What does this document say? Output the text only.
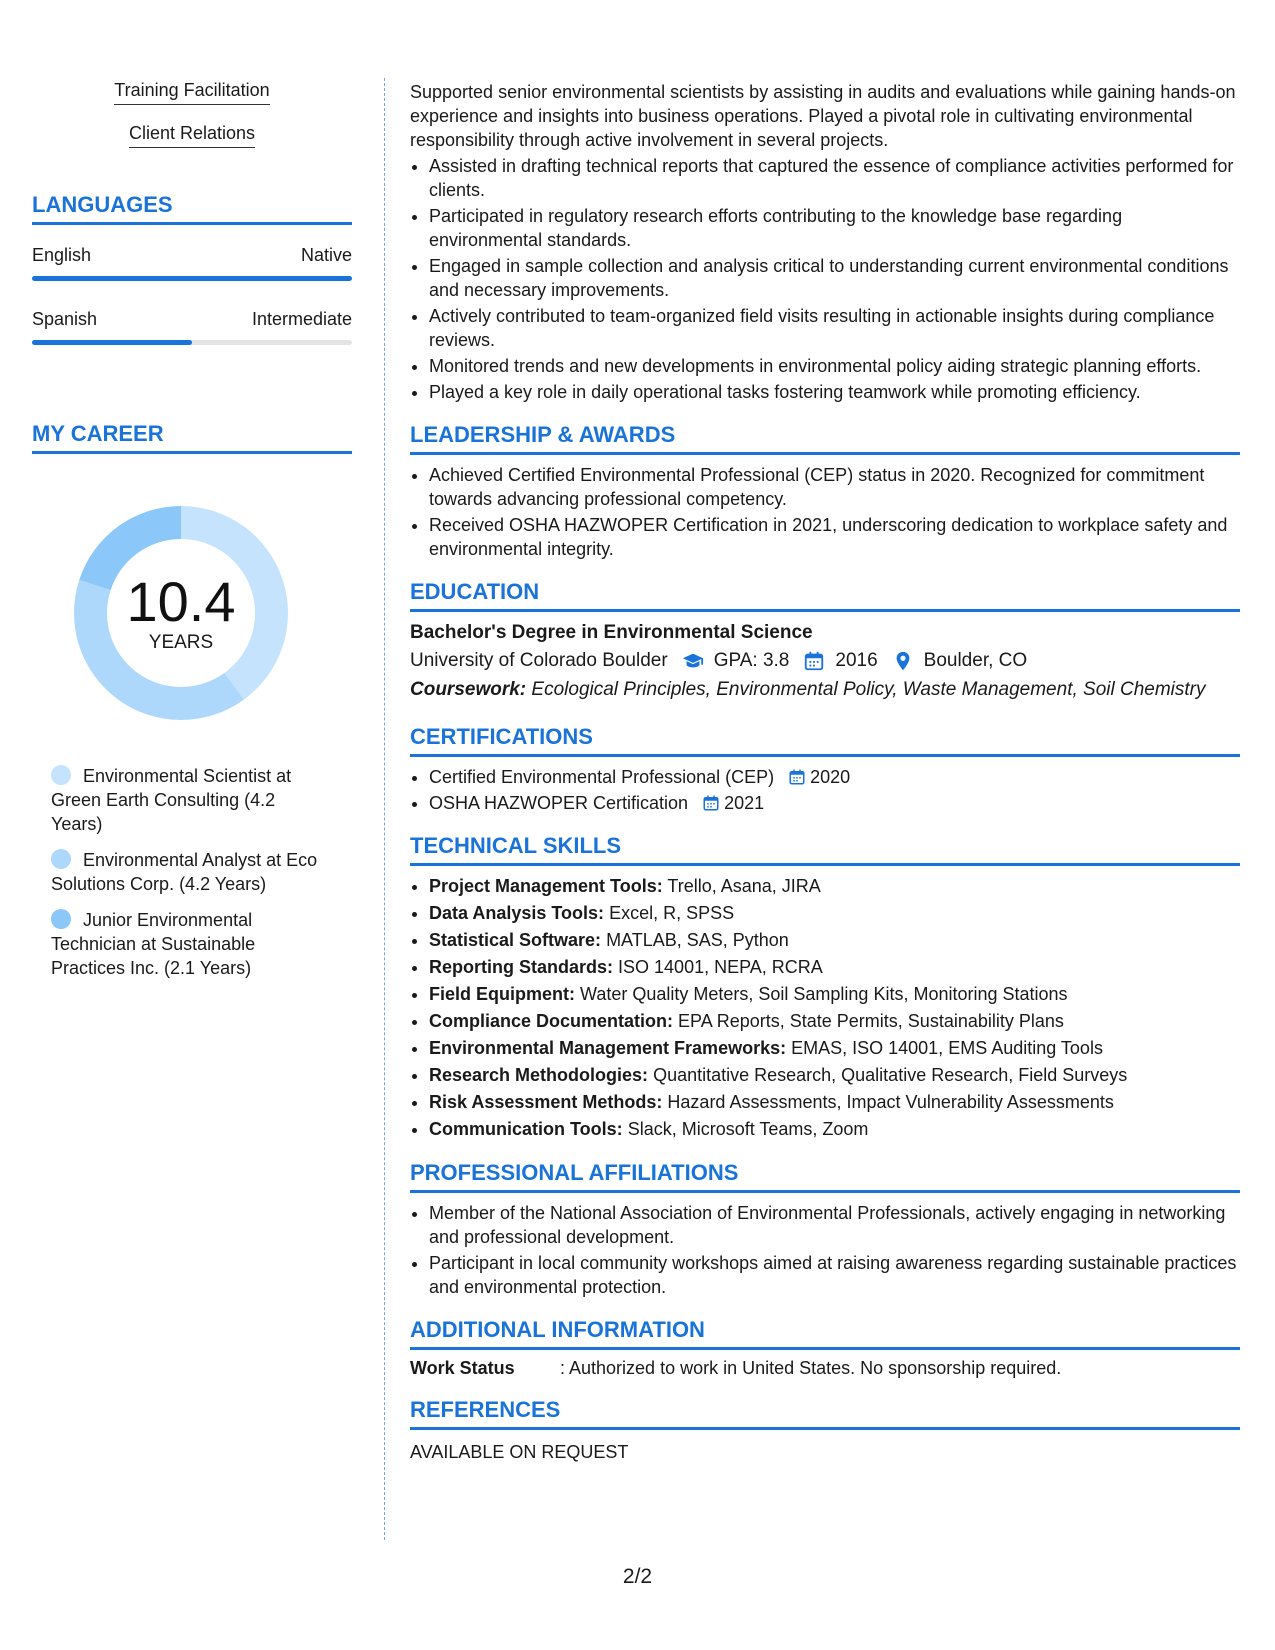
Training Facilitation
Client Relations
LANGUAGES
English	Native
Spanish	Intermediate
MY CAREER
10.4
YEARS
Environmental Scientist at Green Earth Consulting (4.2 Years)
Environmental Analyst at Eco Solutions Corp. (4.2 Years)
Junior Environmental Technician at Sustainable Practices Inc. (2.1 Years)

Supported senior environmental scientists by assisting in audits and evaluations while gaining hands-on experience and insights into business operations. Played a pivotal role in cultivating environmental responsibility through active involvement in several projects.

• Assisted in drafting technical reports that captured the essence of compliance activities performed for clients.
• Participated in regulatory research efforts contributing to the knowledge base regarding environmental standards.
• Engaged in sample collection and analysis critical to understanding current environmental conditions and necessary improvements.
• Actively contributed to team-organized field visits resulting in actionable insights during compliance reviews.
• Monitored trends and new developments in environmental policy aiding strategic planning efforts.
• Played a key role in daily operational tasks fostering teamwork while promoting efficiency.
LEADERSHIP & AWARDS
• Achieved Certified Environmental Professional (CEP) status in 2020. Recognized for commitment towards advancing professional competency.
• Received OSHA HAZWOPER Certification in 2021, underscoring dedication to workplace safety and environmental integrity.
EDUCATION
Bachelor's Degree in Environmental Science
University of Colorado Boulder GPA: 3.8 2016 Boulder, CO
Coursework: Ecological Principles, Environmental Policy, Waste Management, Soil Chemistry
CERTIFICATIONS
• Certified Environmental Professional (CEP) 2020
• OSHA HAZWOPER Certification 2021
TECHNICAL SKILLS
• Project Management Tools: Trello, Asana, JIRA
• Data Analysis Tools: Excel, R, SPSS
• Statistical Software: MATLAB, SAS, Python
• Reporting Standards: ISO 14001, NEPA, RCRA
• Field Equipment: Water Quality Meters, Soil Sampling Kits, Monitoring Stations
• Compliance Documentation: EPA Reports, State Permits, Sustainability Plans
• Environmental Management Frameworks: EMAS, ISO 14001, EMS Auditing Tools
• Research Methodologies: Quantitative Research, Qualitative Research, Field Surveys
• Risk Assessment Methods: Hazard Assessments, Impact Vulnerability Assessments
• Communication Tools: Slack, Microsoft Teams, Zoom
PROFESSIONAL AFFILIATIONS
• Member of the National Association of Environmental Professionals, actively engaging in networking and professional development.
• Participant in local community workshops aimed at raising awareness regarding sustainable practices and environmental protection.
ADDITIONAL INFORMATION
Work Status	: Authorized to work in United States. No sponsorship required.
REFERENCES
AVAILABLE ON REQUEST
2/2
